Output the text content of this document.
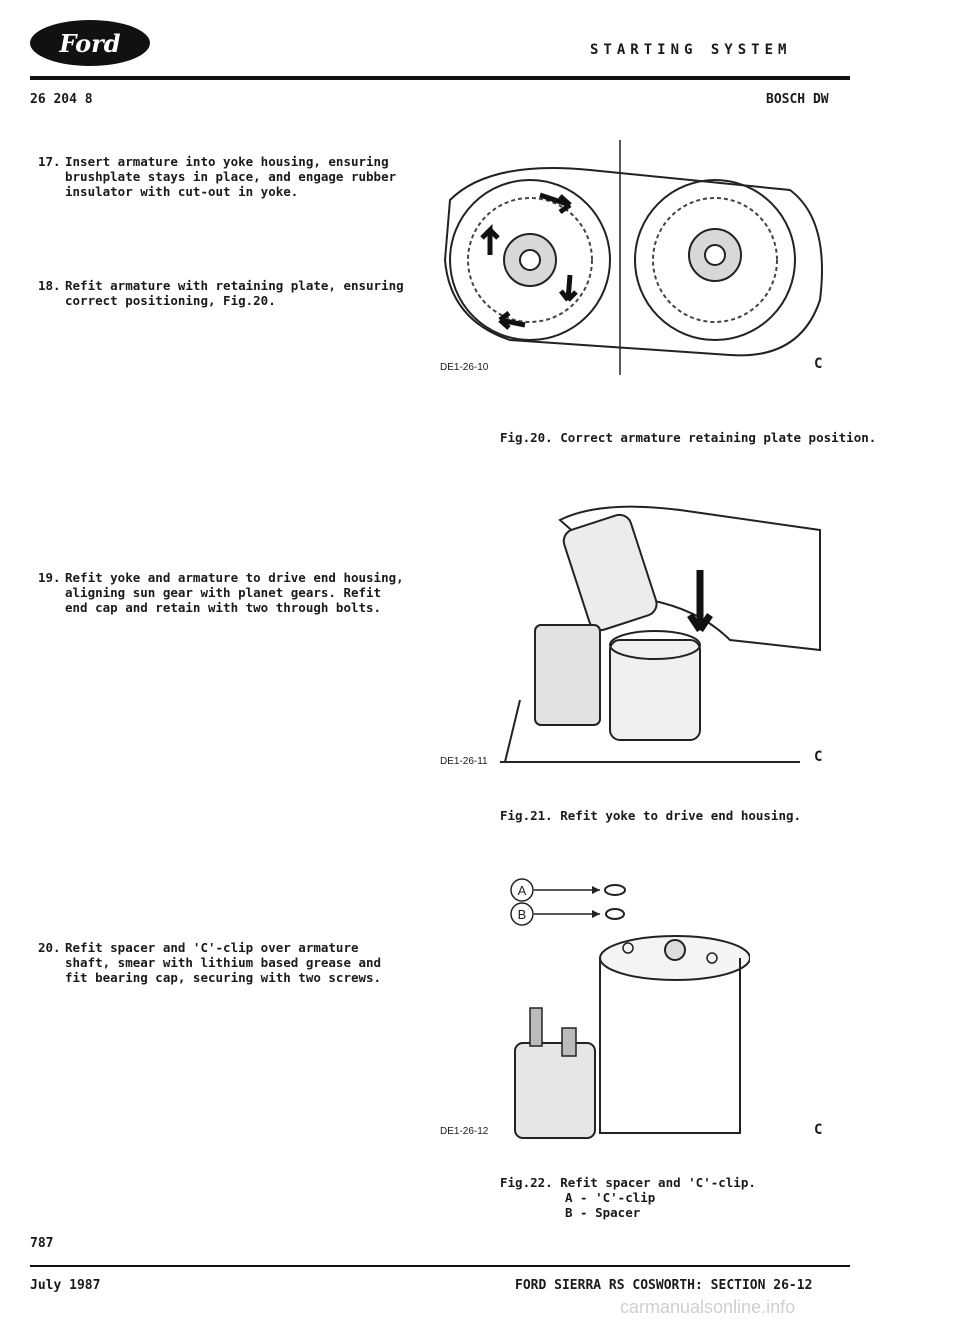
Ford	STARTING SYSTEM
26 204 8	BOSCH DW
17. Insert armature into yoke housing, ensuring brushplate stays in place, and engage rubber insulator with cut-out in yoke.
18. Refit armature with retaining plate, ensuring correct positioning, Fig.20.
19. Refit yoke and armature to drive end housing, aligning sun gear with planet gears. Refit end cap and retain with two through bolts.
20. Refit spacer and 'C'-clip over armature shaft, smear with lithium based grease and fit bearing cap, securing with two screws.
DE1-26-10	C
Fig.20. Correct armature retaining plate position.
DE1-26-11	C
Fig.21. Refit yoke to drive end housing.
A
B
DE1-26-12	C
Fig.22. Refit spacer and 'C'-clip.
A - 'C'-clip
B - Spacer
787
July 1987	FORD SIERRA RS COSWORTH: SECTION 26-12
carmanualsonline.info
